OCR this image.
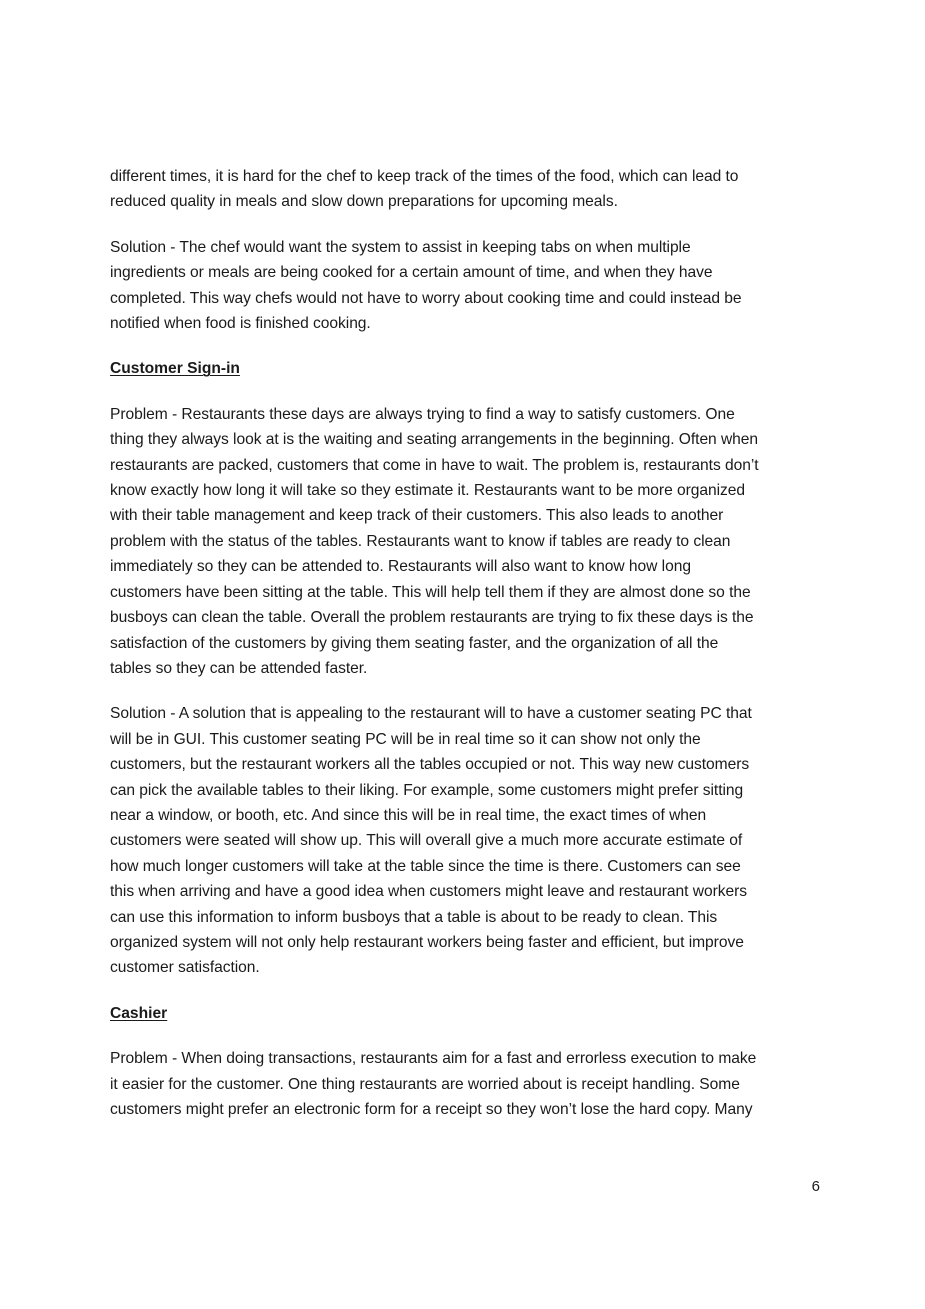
different times, it is hard for the chef to keep track of the times of the food, which can lead to
reduced quality in meals and slow down preparations for upcoming meals.

Solution - The chef would want the system to assist in keeping tabs on when multiple
ingredients or meals are being cooked for a certain amount of time, and when they have
completed. This way chefs would not have to worry about cooking time and could instead be
notified when food is finished cooking.

Customer Sign-in

Problem - Restaurants these days are always trying to find a way to satisfy customers. One
thing they always look at is the waiting and seating arrangements in the beginning. Often when
restaurants are packed, customers that come in have to wait. The problem is, restaurants don’t
know exactly how long it will take so they estimate it. Restaurants want to be more organized
with their table management and keep track of their customers. This also leads to another
problem with the status of the tables. Restaurants want to know if tables are ready to clean
immediately so they can be attended to. Restaurants will also want to know how long
customers have been sitting at the table. This will help tell them if they are almost done so the
busboys can clean the table. Overall the problem restaurants are trying to fix these days is the
satisfaction of the customers by giving them seating faster, and the organization of all the
tables so they can be attended faster.

Solution - A solution that is appealing to the restaurant will to have a customer seating PC that
will be in GUI. This customer seating PC will be in real time so it can show not only the
customers, but the restaurant workers all the tables occupied or not. This way new customers
can pick the available tables to their liking. For example, some customers might prefer sitting
near a window, or booth, etc. And since this will be in real time, the exact times of when
customers were seated will show up. This will overall give a much more accurate estimate of
how much longer customers will take at the table since the time is there. Customers can see
this when arriving and have a good idea when customers might leave and restaurant workers
can use this information to inform busboys that a table is about to be ready to clean. This
organized system will not only help restaurant workers being faster and efficient, but improve
customer satisfaction.

Cashier

Problem - When doing transactions, restaurants aim for a fast and errorless execution to make
it easier for the customer. One thing restaurants are worried about is receipt handling. Some
customers might prefer an electronic form for a receipt so they won’t lose the hard copy. Many

6
